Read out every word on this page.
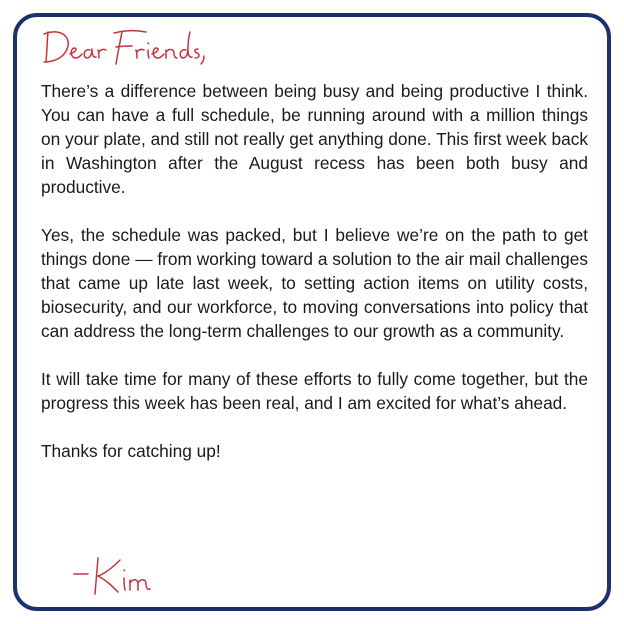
There’s a difference between being busy and being productive I think. You can have a full schedule, be running around with a million things on your plate, and still not really get anything done. This first week back in Washington after the August recess has been both busy and productive.

Yes, the schedule was packed, but I believe we’re on the path to get things done — from working toward a solution to the air mail challenges that came up late last week, to setting action items on utility costs, biosecurity, and our workforce, to moving conversations into policy that can address the long-term challenges to our growth as a community.

It will take time for many of these efforts to fully come together, but the progress this week has been real, and I am excited for what’s ahead.

Thanks for catching up!
